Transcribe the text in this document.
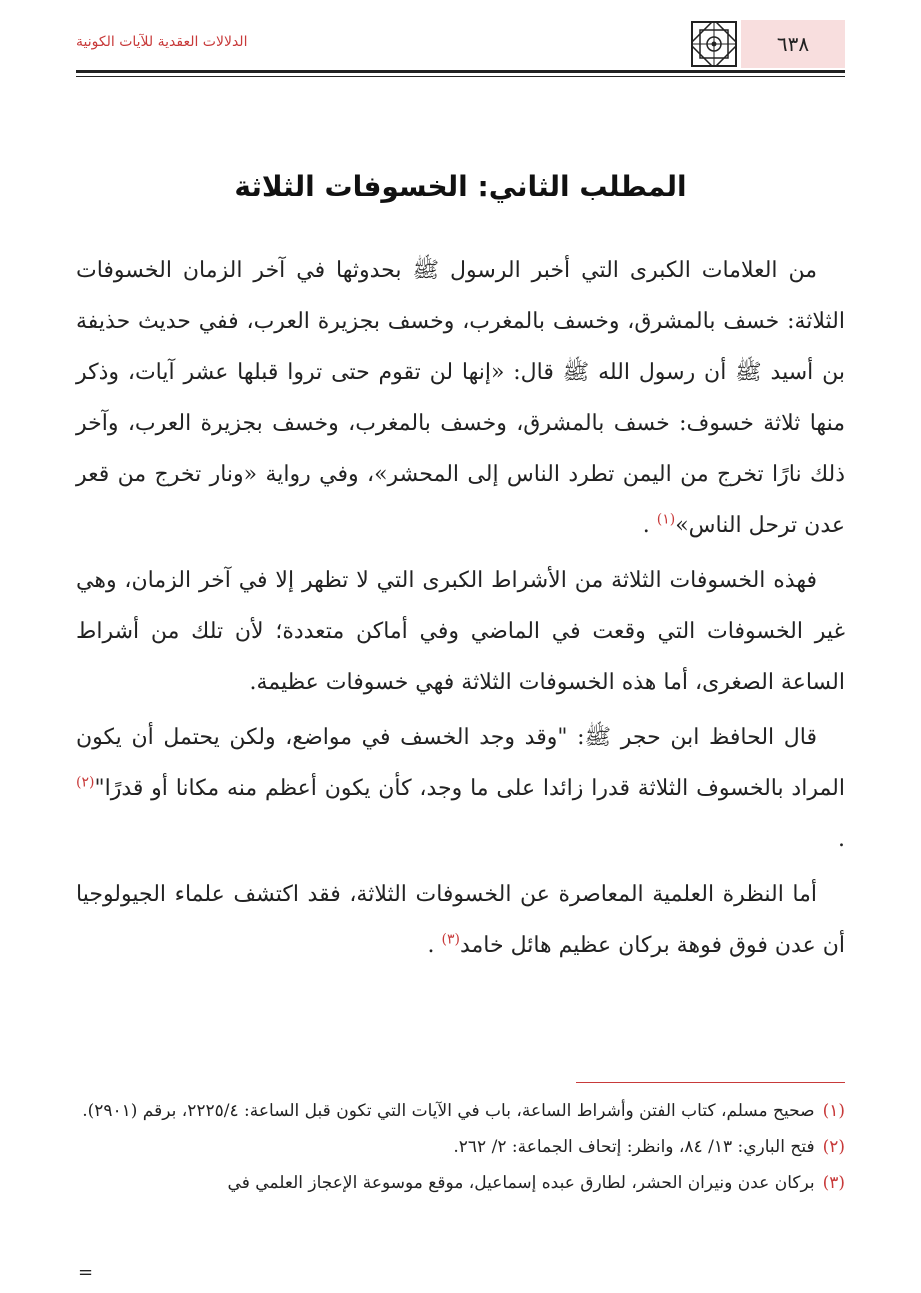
٦٣٨
الدلالات العقدية للآيات الكونية
المطلب الثاني: الخسوفات الثلاثة

من العلامات الكبرى التي أخبر الرسول ﷺ بحدوثها في آخر الزمان الخسوفات الثلاثة: خسف بالمشرق، وخسف بالمغرب، وخسف بجزيرة العرب، ففي حديث حذيفة بن أسيد ﷺ أن رسول الله ﷺ قال: «إنها لن تقوم حتى تروا قبلها عشر آيات، وذكر منها ثلاثة خسوف: خسف بالمشرق، وخسف بالمغرب، وخسف بجزيرة العرب، وآخر ذلك نارًا تخرج من اليمن تطرد الناس إلى المحشر»، وفي رواية «ونار تخرج من قعر عدن ترحل الناس»$^{(١)}$ .

فهذه الخسوفات الثلاثة من الأشراط الكبرى التي لا تظهر إلا في آخر الزمان، وهي غير الخسوفات التي وقعت في الماضي وفي أماكن متعددة؛ لأن تلك من أشراط الساعة الصغرى، أما هذه الخسوفات الثلاثة فهي خسوفات عظيمة.

قال الحافظ ابن حجر ﷺ: "وقد وجد الخسف في مواضع، ولكن يحتمل أن يكون المراد بالخسوف الثلاثة قدرا زائدا على ما وجد، كأن يكون أعظم منه مكانا أو قدرًا"$^{(٢)}$ .

أما النظرة العلمية المعاصرة عن الخسوفات الثلاثة، فقد اكتشف علماء الجيولوجيا أن عدن فوق فوهة بركان عظيم هائل خامد$^{(٣)}$ .

(١)صحيح مسلم، كتاب الفتن وأشراط الساعة، باب في الآيات التي تكون قبل الساعة: ٢٢٢٥/٤، برقم (٢٩٠١).
(٢)فتح الباري: ١٣/ ٨٤، وانظر: إتحاف الجماعة: ٢/ ٢٦٢.
(٣)بركان عدن ونيران الحشر، لطارق عبده إسماعيل، موقع موسوعة الإعجاز العلمي في
=
